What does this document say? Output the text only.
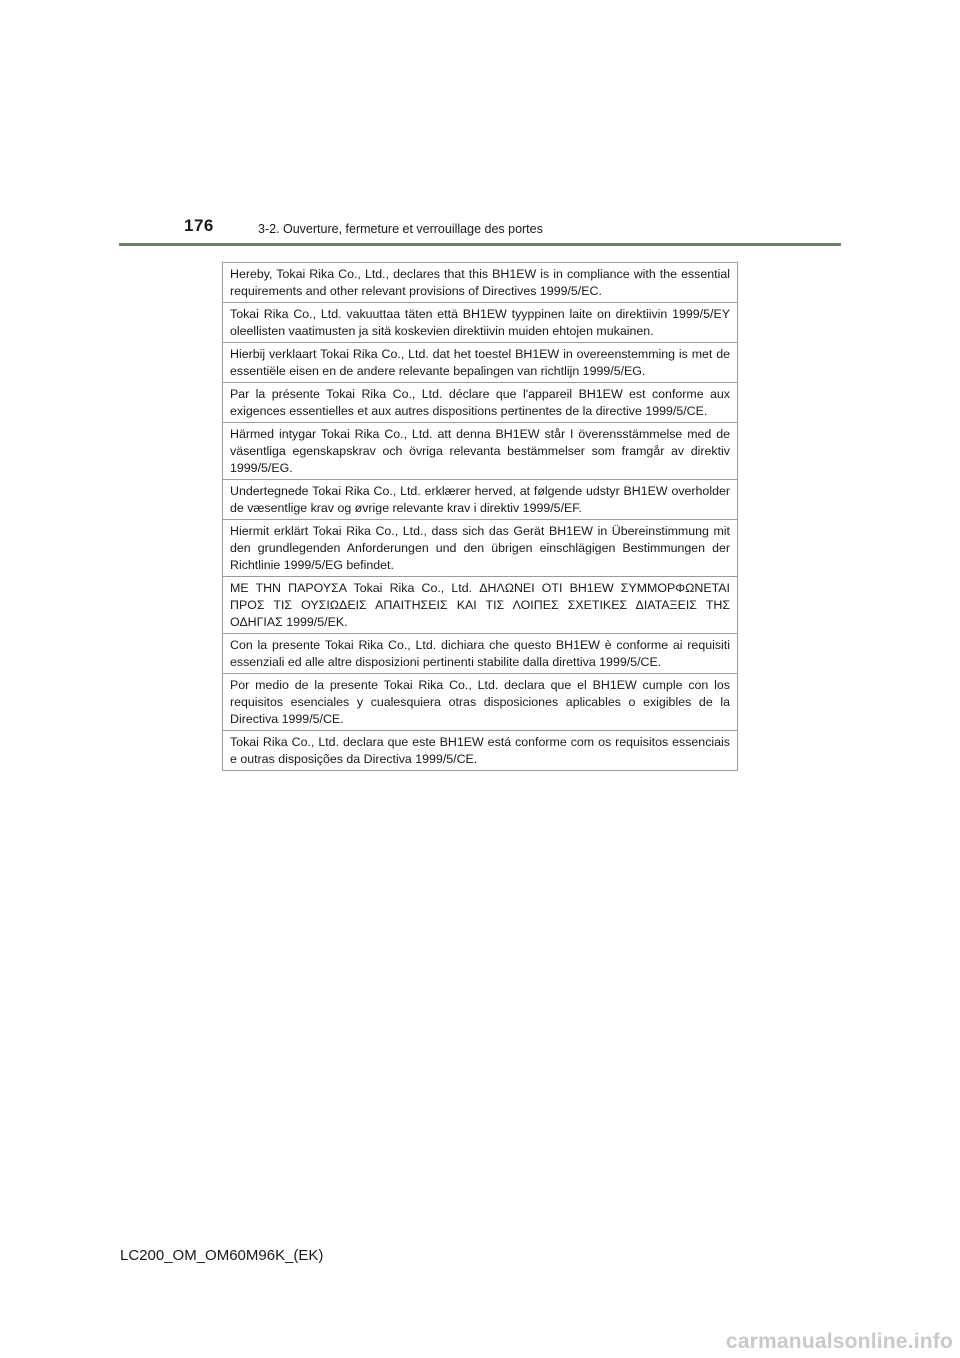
176	3-2. Ouverture, fermeture et verrouillage des portes
Hereby, Tokai Rika Co., Ltd., declares that this BH1EW is in compliance with the essential requirements and other relevant provisions of Directives 1999/5/EC.
Tokai Rika Co., Ltd. vakuuttaa täten että BH1EW tyyppinen laite on direktiivin 1999/5/EY oleellisten vaatimusten ja sitä koskevien direktiivin muiden ehtojen mukainen.
Hierbij verklaart Tokai Rika Co., Ltd. dat het toestel BH1EW in overeenstemming is met de essentiële eisen en de andere relevante bepalingen van richtlijn 1999/5/EG.
Par la présente Tokai Rika Co., Ltd. déclare que l'appareil BH1EW est conforme aux exigences essentielles et aux autres dispositions pertinentes de la directive 1999/5/CE.
Härmed intygar Tokai Rika Co., Ltd. att denna BH1EW står I överensstämmelse med de väsentliga egenskapskrav och övriga relevanta bestämmelser som framgår av direktiv 1999/5/EG.
Undertegnede Tokai Rika Co., Ltd. erklærer herved, at følgende udstyr BH1EW overholder de væsentlige krav og øvrige relevante krav i direktiv 1999/5/EF.
Hiermit erklärt Tokai Rika Co., Ltd., dass sich das Gerät BH1EW in Übereinstimmung mit den grundlegenden Anforderungen und den übrigen einschlägigen Bestimmungen der Richtlinie 1999/5/EG befindet.
ΜΕ ΤΗΝ ΠΑΡΟΥΣΑ Tokai Rika Co., Ltd. ΔΗΛΩΝΕΙ ΟΤΙ BH1EW ΣΥΜΜΟΡΦΩΝΕΤΑΙ ΠΡΟΣ ΤΙΣ ΟΥΣΙΩΔΕΙΣ ΑΠΑΙΤΗΣΕΙΣ ΚΑΙ ΤΙΣ ΛΟΙΠΕΣ ΣΧΕΤΙΚΕΣ ΔΙΑΤΑΞΕΙΣ ΤΗΣ ΟΔΗΓΙΑΣ 1999/5/ΕΚ.
Con la presente Tokai Rika Co., Ltd. dichiara che questo BH1EW è conforme ai requisiti essenziali ed alle altre disposizioni pertinenti stabilite dalla direttiva 1999/5/CE.
Por medio de la presente Tokai Rika Co., Ltd. declara que el BH1EW cumple con los requisitos esenciales y cualesquiera otras disposiciones aplicables o exigibles de la Directiva 1999/5/CE.
Tokai Rika Co., Ltd. declara que este BH1EW está conforme com os requisitos essenciais e outras disposições da Directiva 1999/5/CE.
LC200_OM_OM60M96K_(EK)
carmanualsonline.info
